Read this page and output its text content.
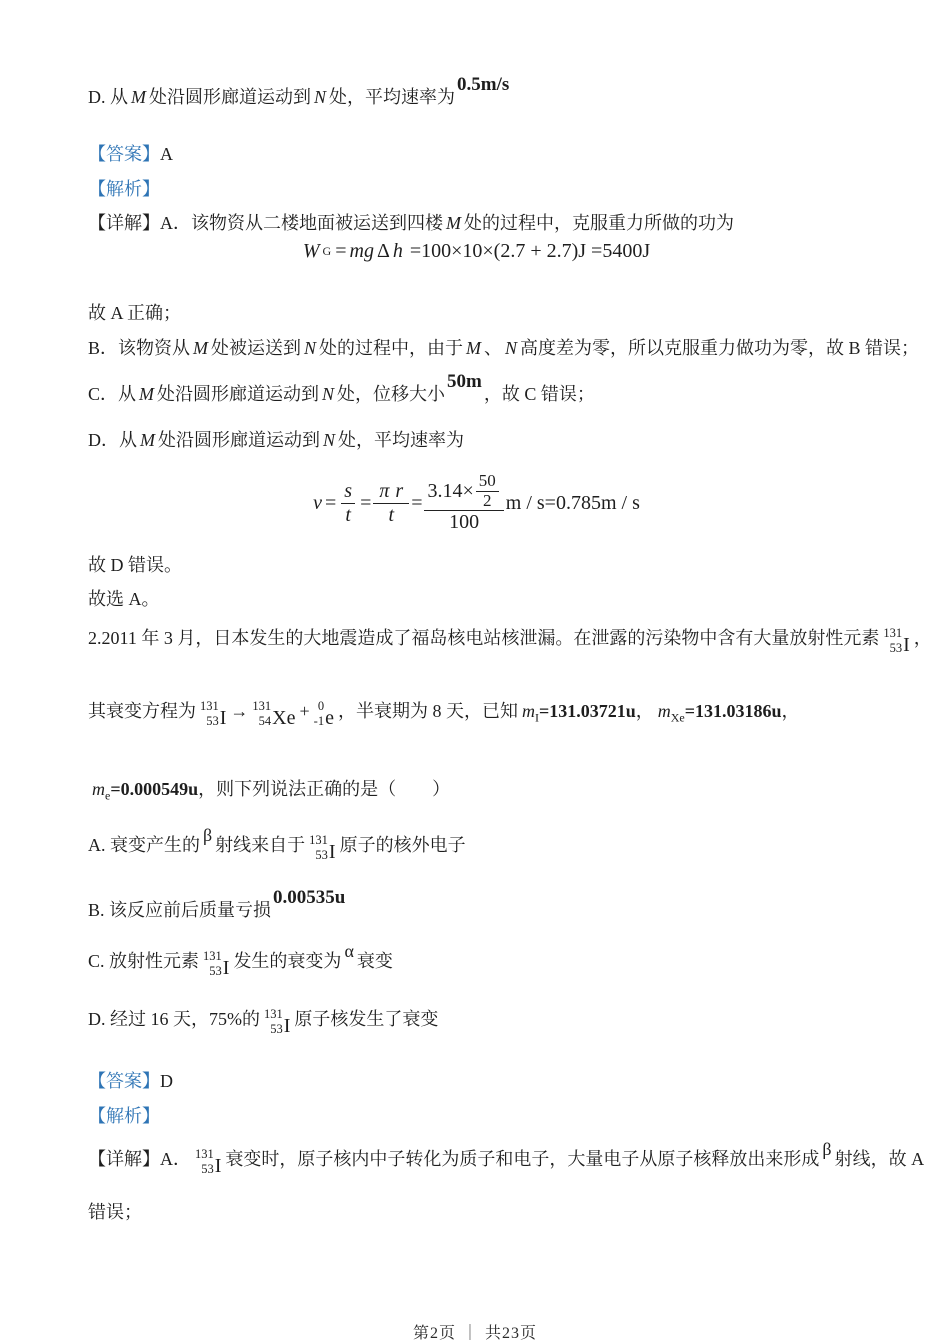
D. 从 M 处沿圆形廊道运动到 N 处，平均速率为0.5m/s
【答案】A
【解析】
【详解】A．该物资从二楼地面被运送到四楼 M 处的过程中，克服重力所做的功为
W G = mg Δ h =100×10×(2.7 + 2.7)J =5400J
故 A 正确；
B．该物资从 M 处被运送到 N 处的过程中，由于 M 、 N 高度差为零，所以克服重力做功为零，故 B 错误；
C．从 M 处沿圆形廊道运动到 N 处，位移大小50m，故 C 错误；
D．从 M 处沿圆形廊道运动到 N 处，平均速率为
$v = \frac{s}{t} = \frac{\text{π r}}{t} = \frac{3.14\times \frac{50}{2}}{100}$ m / s =0.785m / s
故 D 错误。
故选 A。
2.2011 年 3 月，日本发生的大地震造成了福岛核电站核泄漏。在泄露的污染物中含有大量放射性元素 131
53 I ，
其衰变方程为 131
53 I → 131
54 Xe + 0
-1 e ，半衰期为 8 天，已知 $m_I=131.03721u$， $m_{Xe}=131.03186u$，
$m_e=0.000549u$，则下列说法正确的是（　　）
A. 衰变产生的 β 射线来自于 131
53 I 原子的核外电子
B. 该反应前后质量亏损0.00535u
C. 放射性元素 131
53 I 发生的衰变为 α 衰变
D. 经过 16 天，75%的 131
53 I 原子核发生了衰变
【答案】D
【解析】
【详解】A． 131
53 I 衰变时，原子核内中子转化为质子和电子，大量电子从原子核释放出来形成 β 射线，故 A
错误；
第2页 ｜ 共23页
